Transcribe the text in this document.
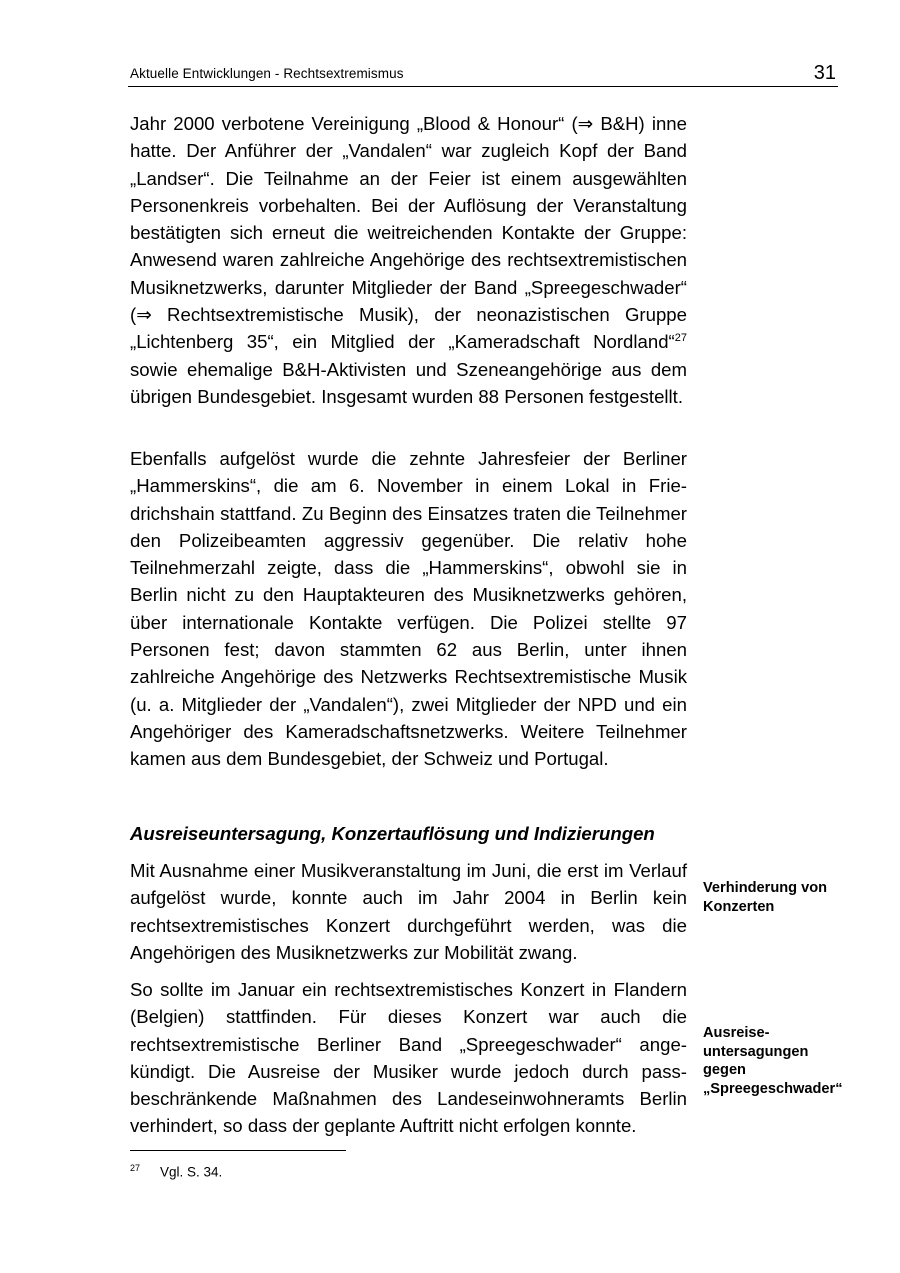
Aktuelle Entwicklungen - Rechtsextremismus	31

Jahr 2000 verbotene Vereinigung „Blood & Honour“ (⇒ B&H) inne hatte. Der Anführer der „Vandalen“ war zugleich Kopf der Band „Landser“. Die Teilnahme an der Feier ist einem ausgewählten Personenkreis vorbehalten. Bei der Auflösung der Veranstaltung bestätigten sich erneut die weitreichenden Kontakte der Gruppe: Anwesend waren zahlreiche Angehörige des rechtsextremistischen Musiknetzwerks, darunter Mitglieder der Band „Spreegeschwader“ (⇒ Rechtsextremistische Musik), der neonazistischen Gruppe „Lichtenberg 35“, ein Mitglied der „Kameradschaft Nordland“$^{27}$ sowie ehemalige B&H-Aktivisten und Szeneangehörige aus dem übrigen Bundesgebiet. Insgesamt wurden 88 Personen festgestellt.

Ebenfalls aufgelöst wurde die zehnte Jahresfeier der Berliner „Hammerskins“, die am 6. November in einem Lokal in Friedrichshain stattfand. Zu Beginn des Einsatzes traten die Teilnehmer den Polizeibeamten aggressiv gegenüber. Die relativ hohe Teilnehmerzahl zeigte, dass die „Hammerskins“, obwohl sie in Berlin nicht zu den Hauptakteuren des Musiknetzwerks gehören, über internationale Kontakte verfügen. Die Polizei stellte 97 Personen fest; davon stammten 62 aus Berlin, unter ihnen zahlreiche Angehörige des Netzwerks Rechtsextremistische Musik (u. a. Mitglieder der „Vandalen“), zwei Mitglieder der NPD und ein Angehöriger des Kameradschaftsnetzwerks. Weitere Teilnehmer kamen aus dem Bundesgebiet, der Schweiz und Portugal.

Ausreiseuntersagung, Konzertauflösung und Indizierungen

Mit Ausnahme einer Musikveranstaltung im Juni, die erst im Verlauf aufgelöst wurde, konnte auch im Jahr 2004 in Berlin kein rechtsextremistisches Konzert durchgeführt werden, was die Angehörigen des Musiknetzwerks zur Mobilität zwang.

So sollte im Januar ein rechtsextremistisches Konzert in Flandern (Belgien) stattfinden. Für dieses Konzert war auch die rechtsextremistische Berliner Band „Spreegeschwader“ angekündigt. Die Ausreise der Musiker wurde jedoch durch passbeschränkende Maßnahmen des Landeseinwohneramts Berlin verhindert, so dass der geplante Auftritt nicht erfolgen konnte.

Verhinderung von
Konzerten
Ausreise-
untersagungen
gegen
„Spreegeschwader“
$^{27}$ Vgl. S. 34.
